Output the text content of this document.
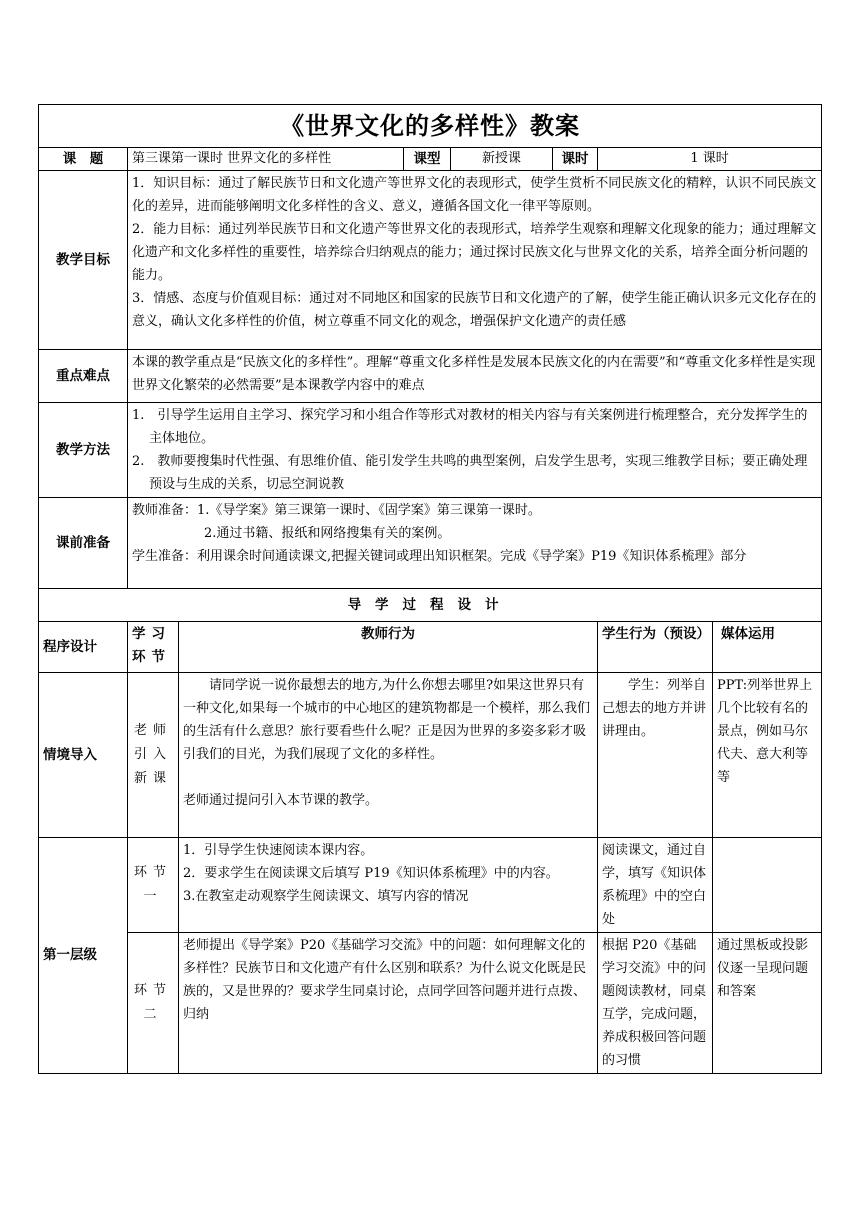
《世界文化的多样性》教案							
课　题	第三课第一课时 世界文化的多样性		课型	新授课	课时	1 课时	
教学目标	1．知识目标：通过了解民族节日和文化遗产等世界文化的表现形式，使学生赏析不同民族文化的精粹，认识不同民族文化的差异，进而能够阐明文化多样性的含义、意义，遵循各国文化一律平等原则。

2．能力目标：通过列举民族节日和文化遗产等世界文化的表现形式，培养学生观察和理解文化现象的能力；通过理解文化遗产和文化多样性的重要性，培养综合归纳观点的能力；通过探讨民族文化与世界文化的关系，培养全面分析问题的能力。

3．情感、态度与价值观目标：通过对不同地区和国家的民族节日和文化遗产的了解，使学生能正确认识多元文化存在的意义，确认文化多样性的价值，树立尊重不同文化的观念，增强保护文化遗产的责任感						

重点难点	本课的教学重点是“民族文化的多样性”。理解“尊重文化多样性是发展本民族文化的内在需要”和“尊重文化多样性是实现世界文化繁荣的必然需要”是本课教学内容中的难点						
教学方法	1.　引导学生运用自主学习、探究学习和小组合作等形式对教材的相关内容与有关案例进行梳理整合，充分发挥学生的主体地位。

2.　教师要搜集时代性强、有思维价值、能引发学生共鸣的典型案例，启发学生思考，实现三维教学目标；要正确处理预设与生成的关系，切忌空洞说教						

课前准备	教师准备：1.《导学案》第三课第一课时、《固学案》第三课第一课时。

2.通过书籍、报纸和网络搜集有关的案例。

学生准备：利用课余时间通读课文,把握关键词或理出知识框架。完成《导学案》P19《知识体系梳理》部分						

导学过程设计							
程序设计	学习环节	教师行为				学生行为（预设）	媒体运用
情境导入	老师引入新课	请同学说一说你最想去的地方,为什么你想去哪里?如果这世界只有一种文化,如果每一个城市的中心地区的建筑物都是一个模样，那么我们的生活有什么意思？旅行要看些什么呢？正是因为世界的多姿多彩才吸引我们的目光，为我们展现了文化的多样性。

老师通过提问引入本节课的教学。				学生：列举自己想去的地方并讲讲理由。	PPT:列举世界上几个比较有名的景点，例如马尔代夫、意大利等等
第一层级	环节一	1．引导学生快速阅读本课内容。

2．要求学生在阅读课文后填写 P19《知识体系梳理》中的内容。

3.在教室走动观察学生阅读课文、填写内容的情况				阅读课文，通过自学，填写《知识体系梳理》中的空白处	
	环节二	老师提出《导学案》P20《基础学习交流》中的问题：如何理解文化的多样性？民族节日和文化遗产有什么区别和联系？为什么说文化既是民族的，又是世界的？要求学生同桌讨论，点同学回答问题并进行点拨、归纳				根据 P20《基础学习交流》中的问题阅读教材，同桌互学，完成问题，养成积极回答问题的习惯	通过黑板或投影仪逐一呈现问题和答案
